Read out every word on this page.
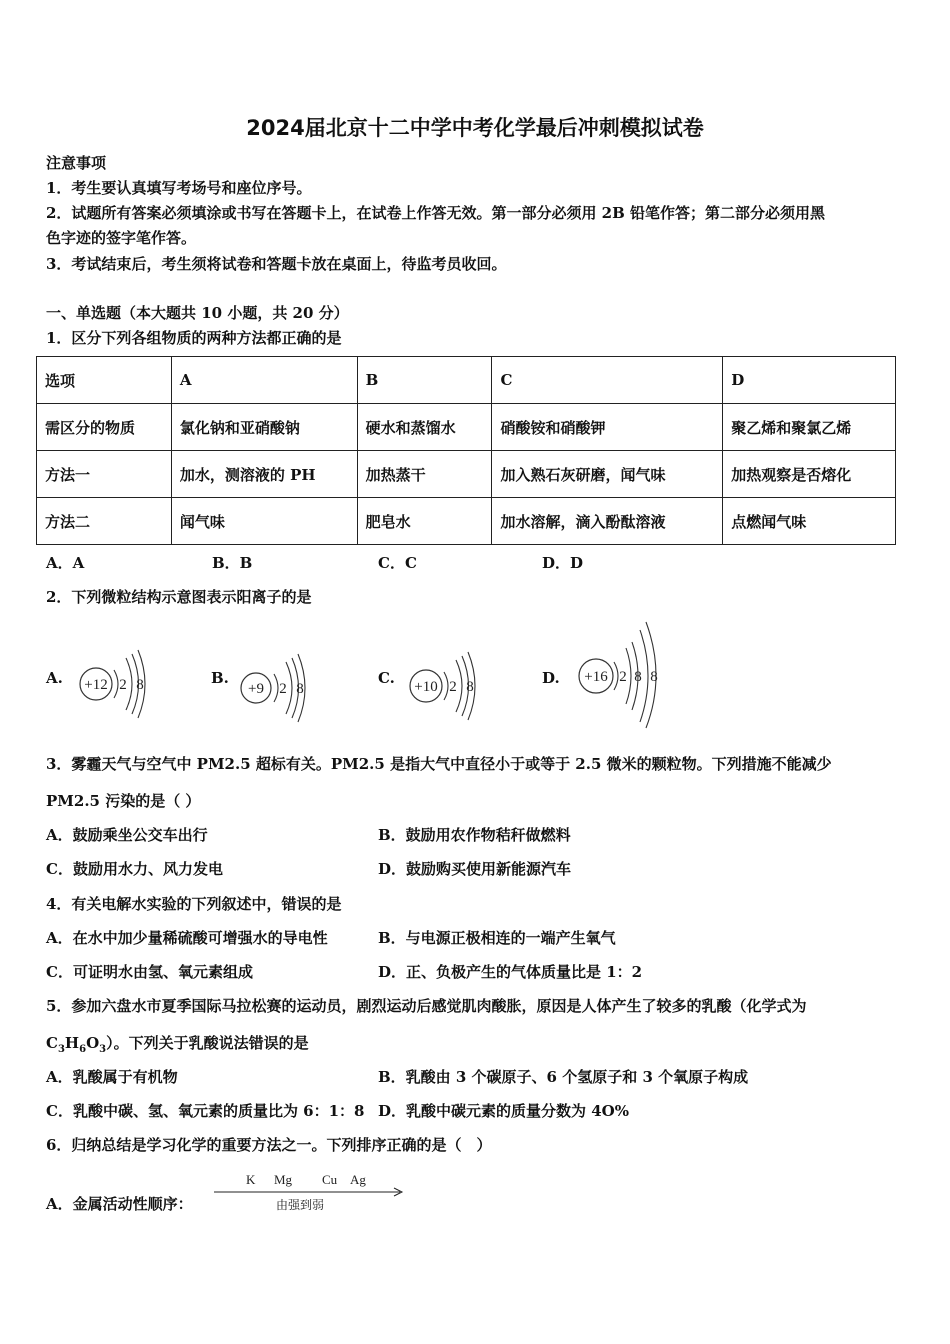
2024届北京十二中学中考化学最后冲刺模拟试卷
注意事项
1．考生要认真填写考场号和座位序号。
2．试题所有答案必须填涂或书写在答题卡上，在试卷上作答无效。第一部分必须用 2B 铅笔作答；第二部分必须用黑
色字迹的签字笔作答。
3．考试结束后，考生须将试卷和答题卡放在桌面上，待监考员收回。
一、单选题（本大题共 10 小题，共 20 分）
1．区分下列各组物质的两种方法都正确的是
选项	A	B	C	D
需区分的物质	氯化钠和亚硝酸钠	硬水和蒸馏水	硝酸铵和硝酸钾	聚乙烯和聚氯乙烯
方法一	加水，测溶液的 PH	加热蒸干	加入熟石灰研磨，闻气味	加热观察是否熔化
方法二	闻气味	肥皂水	加水溶解，滴入酚酞溶液	点燃闻气味
A．A	B．B	C．C	D．D
2．下列微粒结构示意图表示阳离子的是
A. +12 2 8	B.
+9 2 8
C. +10 2 8	D. +16 2 8 8
3．雾霾天气与空气中 PM2.5 超标有关。PM2.5 是指大气中直径小于或等于 2.5 微米的颗粒物。下列措施不能减少
PM2.5 污染的是（ ）
A．鼓励乘坐公交车出行	B．鼓励用农作物秸秆做燃料
C．鼓励用水力、风力发电	D．鼓励购买使用新能源汽车
4．有关电解水实验的下列叙述中，错误的是
A．在水中加少量稀硫酸可增强水的导电性	B．与电源正极相连的一端产生氧气
C．可证明水由氢、氧元素组成	D．正、负极产生的气体质量比是 1：2
5．参加六盘水市夏季国际马拉松赛的运动员，剧烈运动后感觉肌肉酸胀，原因是人体产生了较多的乳酸（化学式为
$C_3H_6O_3$）。下列关于乳酸说法错误的是
A．乳酸属于有机物	B．乳酸由 3 个碳原子、6 个氢原子和 3 个氧原子构成
C．乳酸中碳、氢、氧元素的质量比为 6：1：8 D．乳酸中碳元素的质量分数为 4O%
6．归纳总结是学习化学的重要方法之一。下列排序正确的是（　）
A．金属活动性顺序：
K Mg Cu Ag
由强到弱
